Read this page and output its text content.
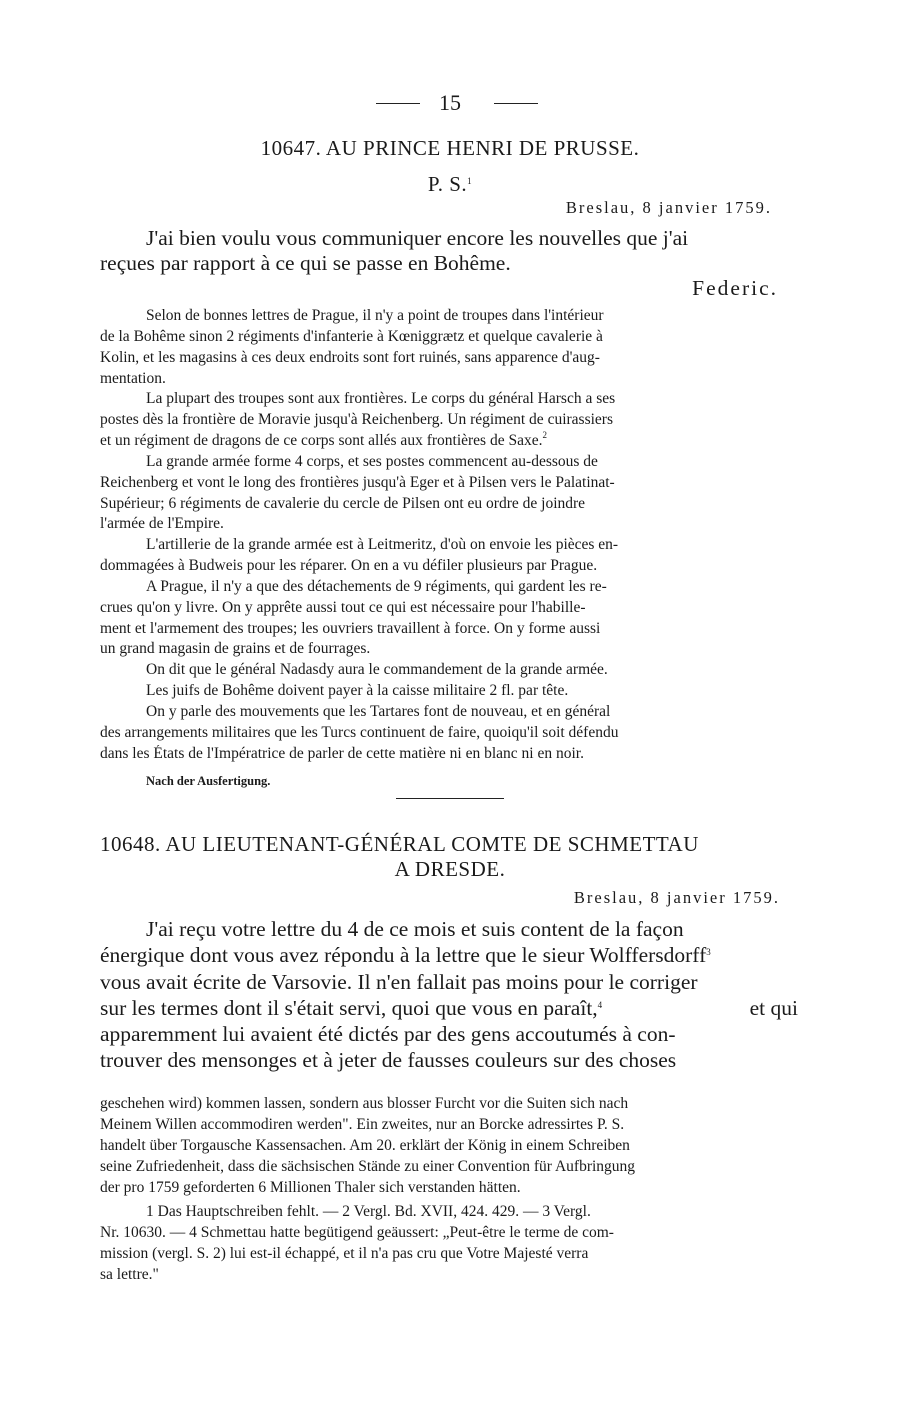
15
10647. AU PRINCE HENRI DE PRUSSE.
P. S.$^1$
Breslau, 8 janvier 1759.
J'ai bien voulu vous communiquer encore les nouvelles que j'ai
reçues par rapport à ce qui se passe en Bohême.
Federic.
Selon de bonnes lettres de Prague, il n'y a point de troupes dans l'intérieur
de la Bohême sinon 2 régiments d'infanterie à Kœniggrætz et quelque cavalerie à
Kolin, et les magasins à ces deux endroits sont fort ruinés, sans apparence d'aug-
mentation.
La plupart des troupes sont aux frontières. Le corps du général Harsch a ses
postes dès la frontière de Moravie jusqu'à Reichenberg. Un régiment de cuirassiers
et un régiment de dragons de ce corps sont allés aux frontières de Saxe.$^2$
La grande armée forme 4 corps, et ses postes commencent au-dessous de
Reichenberg et vont le long des frontières jusqu'à Eger et à Pilsen vers le Palatinat-
Supérieur; 6 régiments de cavalerie du cercle de Pilsen ont eu ordre de joindre
l'armée de l'Empire.
L'artillerie de la grande armée est à Leitmeritz, d'où on envoie les pièces en-
dommagées à Budweis pour les réparer. On en a vu défiler plusieurs par Prague.
A Prague, il n'y a que des détachements de 9 régiments, qui gardent les re-
crues qu'on y livre. On y apprête aussi tout ce qui est nécessaire pour l'habille-
ment et l'armement des troupes; les ouvriers travaillent à force. On y forme aussi
un grand magasin de grains et de fourrages.
On dit que le général Nadasdy aura le commandement de la grande armée.
Les juifs de Bohême doivent payer à la caisse militaire 2 fl. par tête.
On y parle des mouvements que les Tartares font de nouveau, et en général
des arrangements militaires que les Turcs continuent de faire, quoiqu'il soit défendu
dans les États de l'Impératrice de parler de cette matière ni en blanc ni en noir.
Nach der Ausfertigung.
10648. AU LIEUTENANT-GÉNÉRAL COMTE DE SCHMETTAU
A DRESDE.
Breslau, 8 janvier 1759.
J'ai reçu votre lettre du 4 de ce mois et suis content de la façon
énergique dont vous avez répondu à la lettre que le sieur Wolffersdorff$^3$
vous avait écrite de Varsovie. Il n'en fallait pas moins pour le corriger
sur les termes dont il s'était servi, quoi que vous en paraît,$^4$	et qui
apparemment lui avaient été dictés par des gens accoutumés à con-
trouver des mensonges et à jeter de fausses couleurs sur des choses
geschehen wird) kommen lassen, sondern aus blosser Furcht vor die Suiten sich nach
Meinem Willen accommodiren werden". Ein zweites, nur an Borcke adressirtes P. S.
handelt über Torgausche Kassensachen. Am 20. erklärt der König in einem Schreiben
seine Zufriedenheit, dass die sächsischen Stände zu einer Convention für Aufbringung
der pro 1759 geforderten 6 Millionen Thaler sich verstanden hätten.
1 Das Hauptschreiben fehlt. — 2 Vergl. Bd. XVII, 424. 429. — 3 Vergl.
Nr. 10630. — 4 Schmettau hatte begütigend geäussert: „Peut-être le terme de com-
mission (vergl. S. 2) lui est-il échappé, et il n'a pas cru que Votre Majesté verra
sa lettre."
